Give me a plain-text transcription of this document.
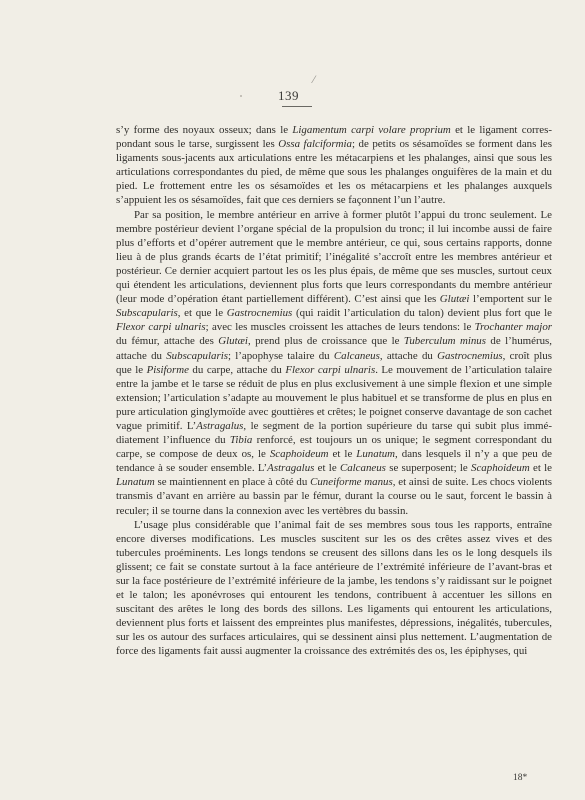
⁄
139

s’y forme des noyaux osseux; dans le Ligamentum carpi volare proprium et le ligament correspondant sous le tarse, surgissent les Ossa falciformia; de petits os sésamoïdes se forment dans les ligaments sous-jacents aux articulations entre les métacarpiens et les phalanges, ainsi que sous les articulations correspondantes du pied, de même que sous les phalanges onguifères de la main et du pied. Le frottement entre les os sésamoïdes et les os métacarpiens et les phalanges auxquels s’appuient les os sésamoïdes, fait que ces derniers se façonnent l’un l’autre.

Par sa position, le membre antérieur en arrive à former plutôt l’appui du tronc seulement. Le membre postérieur devient l’organe spécial de la propulsion du tronc; il lui incombe aussi de faire plus d’efforts et d’opérer autrement que le membre antérieur, ce qui, sous certains rapports, donne lieu à de plus grands écarts de l’état primitif; l’inégalité s’accroît entre les membres antérieur et postérieur. Ce dernier acquiert partout les os les plus épais, de même que ses muscles, surtout ceux qui étendent les articulations, deviennent plus forts que leurs correspondants du membre antérieur (leur mode d’opération étant partiellement différent). C’est ainsi que les Glutæi l’emportent sur le Subscapularis, et que le Gastrocnemius (qui raidit l’articulation du talon) devient plus fort que le Flexor carpi ulnaris; avec les muscles croissent les attaches de leurs tendons: le Trochanter major du fémur, attache des Glutæi, prend plus de croissance que le Tuberculum minus de l’humérus, attache du Subscapularis; l’apophyse talaire du Calcaneus, attache du Gastrocnemius, croît plus que le Pisiforme du carpe, attache du Flexor carpi ulnaris. Le mouvement de l’articulation talaire entre la jambe et le tarse se réduit de plus en plus exclusivement à une simple flexion et une simple extension; l’articulation s’adapte au mouvement le plus habituel et se transforme de plus en plus en pure articulation ginglymoïde avec gouttières et crêtes; le poignet conserve davantage de son cachet vague primitif. L’Astragalus, le segment de la portion supérieure du tarse qui subit plus immédiatement l’influence du Tibia renforcé, est toujours un os unique; le segment correspondant du carpe, se compose de deux os, le Scaphoideum et le Lunatum, dans lesquels il n’y a que peu de tendance à se souder ensemble. L’Astragalus et le Calcaneus se superposent; le Scaphoideum et le Lunatum se maintiennent en place à côté du Cuneiforme manus, et ainsi de suite. Les chocs violents transmis d’avant en arrière au bassin par le fémur, durant la course ou le saut, forcent le bassin à reculer; il se tourne dans la connexion avec les vertèbres du bassin.

L’usage plus considérable que l’animal fait de ses membres sous tous les rapports, entraîne encore diverses modifications. Les muscles suscitent sur les os des crêtes assez vives et des tubercules proéminents. Les longs tendons se creusent des sillons dans les os le long desquels ils glissent; ce fait se constate surtout à la face antérieure de l’extrémité inférieure de l’avant-bras et sur la face postérieure de l’extrémité inférieure de la jambe, les tendons s’y raidissant sur le poignet et le talon; les aponévroses qui entourent les tendons, contribuent à accentuer les sillons en suscitant des arêtes le long des bords des sillons. Les ligaments qui entourent les articulations, deviennent plus forts et laissent des empreintes plus manifestes, dépressions, inégalités, tubercules, sur les os autour des surfaces articulaires, qui se dessinent ainsi plus nettement. L’augmentation de force des ligaments fait aussi augmenter la croissance des extrémités des os, les épiphyses, qui

18*
